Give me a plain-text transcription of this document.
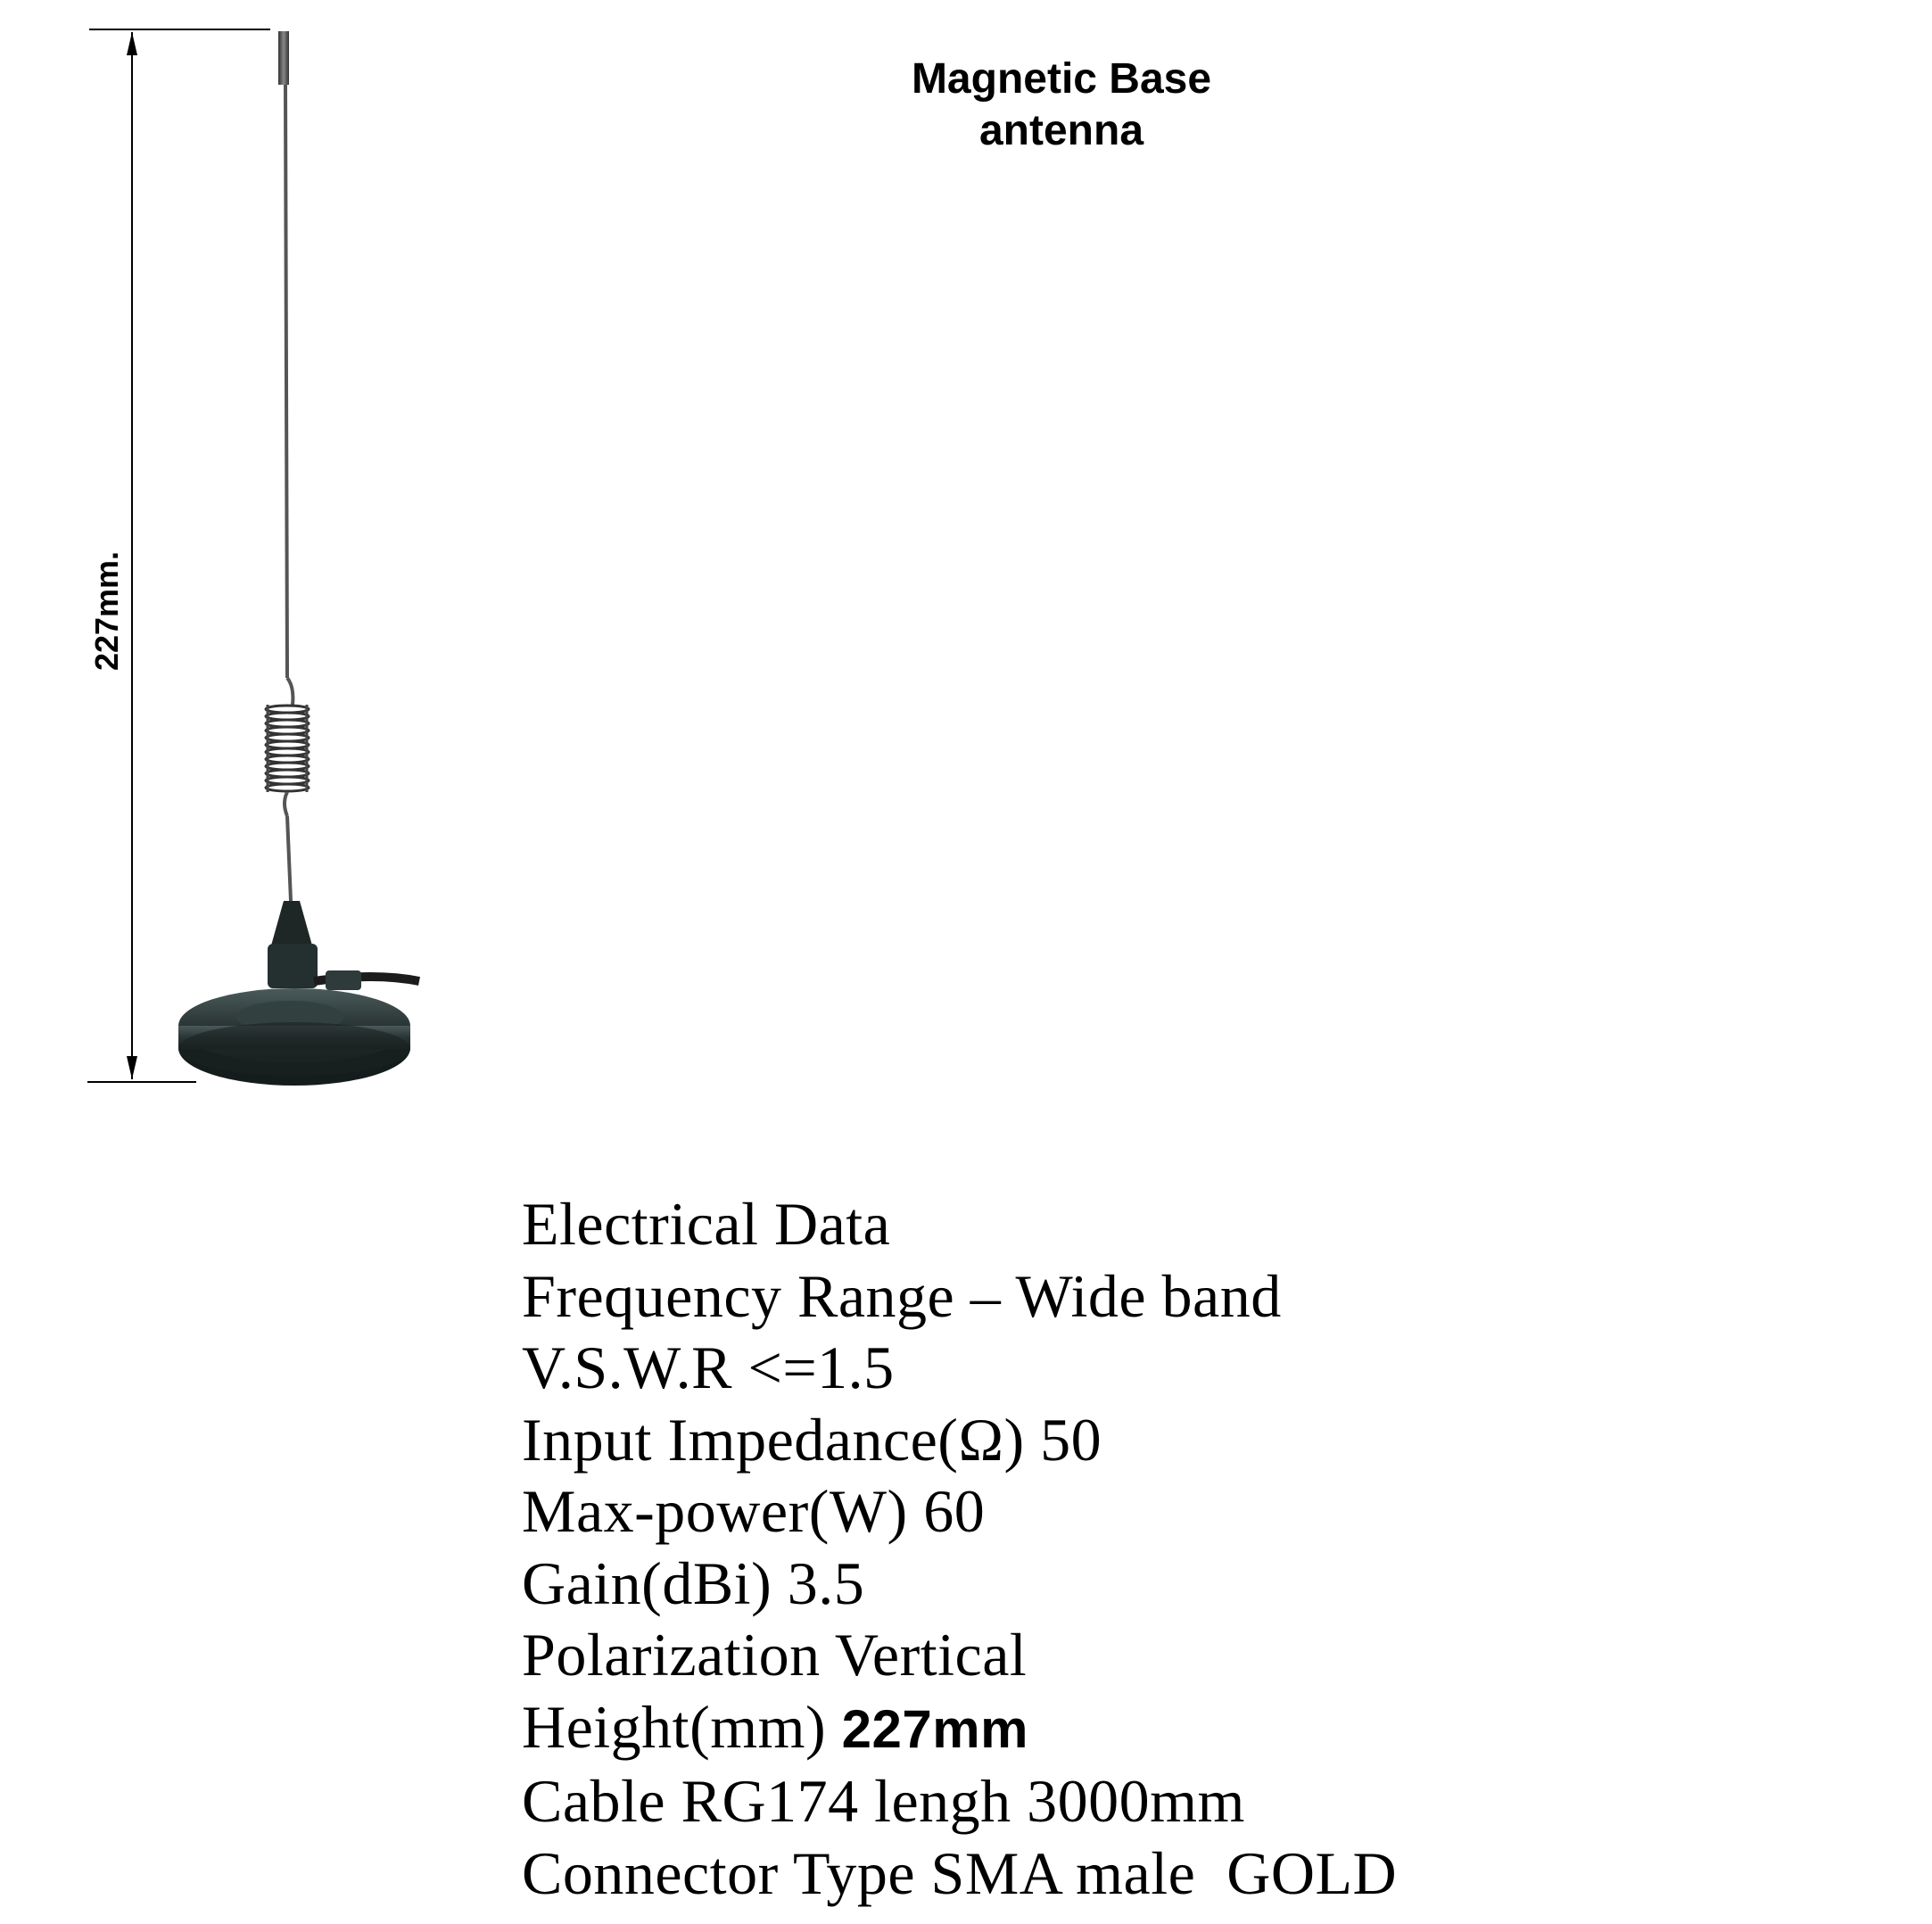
Magnetic Base
antenna
227mm.
Electrical Data
Frequency Range – Wide band
V.S.W.R <=1.5
Input Impedance(Ω) 50
Max-power(W) 60
Gain(dBi) 3.5
Polarization Vertical
Height(mm) 227mm
Cable RG174 lengh 3000mm
Connector Type SMA male  GOLD
